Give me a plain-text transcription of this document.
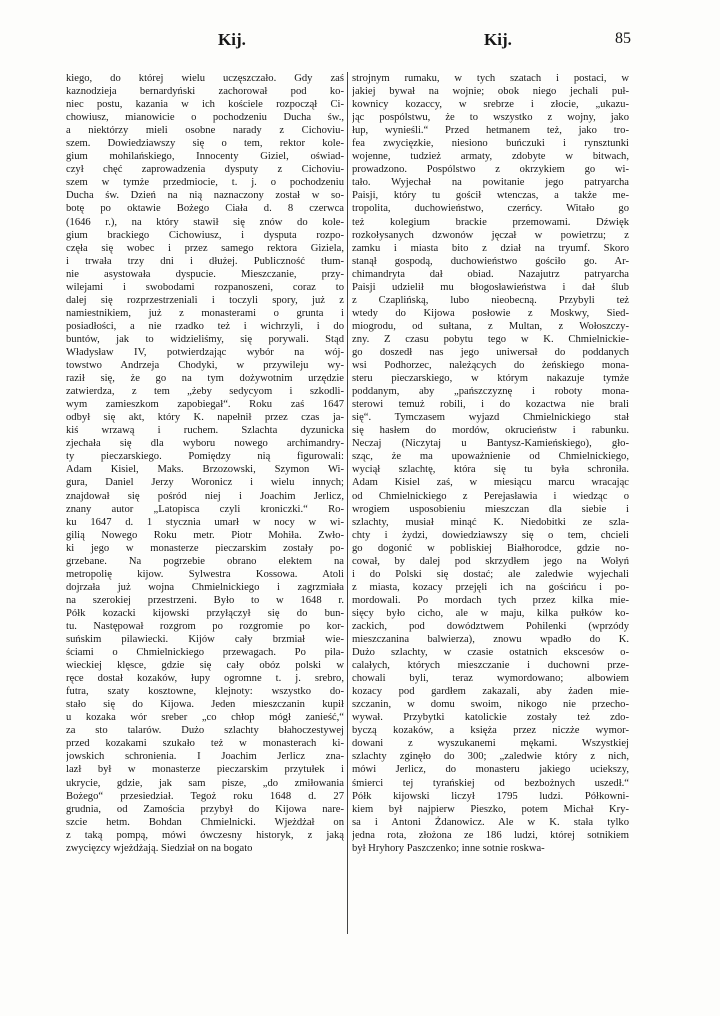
Kij.	Kij.	85
kiego, do której wielu uczęszczało. Gdy zaś
kaznodzieja bernardyński zachorował pod ko-
niec postu, kazania w ich kościele rozpoczął Ci-
chowiusz, mianowicie o pochodzeniu Ducha św.,
a niektórzy mieli osobne narady z Cichoviu-
szem. Dowiedziawszy się o tem, rektor kole-
gium mohilańskiego, Innocenty Giziel, oświad-
czył chęć zaprowadzenia dysputy z Cichoviu-
szem w tymże przedmiocie, t. j. o pochodzeniu
Ducha św. Dzień na nią naznaczony został w so-
botę po oktawie Bożego Ciała d. 8 czerwca
(1646 r.), na który stawił się znów do kole-
gium brackiego Cichowiusz, i dysputa rozpo-
częła się wobec i przez samego rektora Giziela,
i trwała trzy dni i dłużej. Publiczność tłum-
nie asystowała dyspucie. Mieszczanie, przy-
wilejami i swobodami rozpanoszeni, coraz to
dalej się rozprzestrzeniali i toczyli spory, już z
namiestnikiem, już z monasterami o grunta i
posiadłości, a nie rzadko też i wichrzyli, i do
buntów, jak to widzieliśmy, się porywali. Stąd
Władysław IV, potwierdzając wybór na wój-
towstwo Andrzeja Chodyki, w przywileju wy-
raził się, że go na tym dożywotnim urzędzie
zatwierdza, z tem „żeby sedycyom i szkodli-
wym zamieszkom zapobiegał“. Roku zaś 1647
odbył się akt, który K. napełnił przez czas ja-
kiś wrzawą i ruchem. Szlachta dyzunicka
zjechała się dla wyboru nowego archimandry-
ty pieczarskiego. Pomiędzy nią figurowali:
Adam Kisiel, Maks. Brzozowski, Szymon Wi-
gura, Daniel Jerzy Woronicz i wielu innych;
znajdował się pośród niej i Joachim Jerlicz,
znany autor „Latopisca czyli kroniczki.“ Ro-
ku 1647 d. 1 stycznia umarł w nocy w wi-
gilią Nowego Roku metr. Piotr Mohiła. Zwło-
ki jego w monasterze pieczarskim zostały po-
grzebane. Na pogrzebie obrano elektem na
metropolię kijow. Sylwestra Kossowa. Atoli
dojrzała już wojna Chmielnickiego i zagrzmiała
na szerokiej przestrzeni. Było to w 1648 r.
Półk kozacki kijowski przyłączył się do bun-
tu. Następował rozgrom po rozgromie po kor-
suńskim pilawiecki. Kijów cały brzmiał wie-
ściami o Chmielnickiego przewagach. Po pila-
wieckiej klęsce, gdzie się cały obóz polski w
ręce dostał kozaków, łupy ogromne t. j. srebro,
futra, szaty kosztowne, klejnoty: wszystko do-
stało się do Kijowa. Jeden mieszczanin kupił
u kozaka wór sreber „co chłop mógł zanieść,“
za sto talarów. Dużo szlachty błahoczestywej
przed kozakami szukało też w monasterach ki-
jowskich schronienia. I Joachim Jerlicz zna-
lazł był w monasterze pieczarskim przytułek i
ukrycie, gdzie, jak sam pisze, „do zmiłowania
Bożego“ przesiedział. Tegoż roku 1648 d. 27
grudnia, od Zamościa przybył do Kijowa nare-
szcie hetm. Bohdan Chmielnicki. Wjeżdżał on
z taką pompą, mówi ówczesny historyk, z jaką
zwycięzcy wjeżdżają. Siedział on na bogato
strojnym rumaku, w tych szatach i postaci, w
jakiej bywał na wojnie; obok niego jechali puł-
kownicy kozaccy, w srebrze i złocie, „ukazu-
jąc pospólstwu, że to wszystko z wojny, jako
łup, wynieśli.“ Przed hetmanem też, jako tro-
fea zwycięzkie, niesiono buńczuki i rynsztunki
wojenne, tudzież armaty, zdobyte w bitwach,
prowadzono. Pospólstwo z okrzykiem go wi-
tało. Wyjechał na powitanie jego patryarcha
Paisji, który tu gościł wtenczas, a także me-
tropolita, duchowieństwo, czerńcy. Witało go
też kolegium brackie przemowami. Dźwięk
rozkołysanych dzwonów jęczał w powietrzu; z
zamku i miasta bito z dział na tryumf. Skoro
stanął gospodą, duchowieństwo gościło go. Ar-
chimandryta dał obiad. Nazajutrz patryarcha
Paisji udzielił mu błogosławieństwa i dał ślub
z Czaplińską, lubo nieobecną. Przybyli też
wtedy do Kijowa posłowie z Moskwy, Sied-
miogrodu, od sułtana, z Multan, z Wołoszczy-
zny. Z czasu pobytu tego w K. Chmielnickie-
go doszedł nas jego uniwersał do poddanych
wsi Podhorzec, należących do żeńskiego mona-
steru pieczarskiego, w którym nakazuje tymże
poddanym, aby „pańszczyznę i roboty mona-
sterowi temuż robili, i do kozactwa nie brali
się“. Tymczasem wyjazd Chmielnickiego stał
się hasłem do mordów, okrucieństw i rabunku.
Neczaj (Niczytaj u Bantysz-Kamieńskiego), gło-
sząc, że ma upoważnienie od Chmielnickiego,
wyciął szlachtę, która się tu była schroniła.
Adam Kisiel zaś, w miesiącu marcu wracając
od Chmielnickiego z Perejasławia i wiedząc o
wrogiem usposobieniu mieszczan dla siebie i
szlachty, musiał minąć K. Niedobitki ze szla-
chty i żydzi, dowiedziawszy się o tem, chcieli
go dogonić w pobliskiej Białhorodce, gdzie no-
cował, by dalej pod skrzydłem jego na Wołyń
i do Polski się dostać; ale zaledwie wyjechali
z miasta, kozacy przejęli ich na gościńcu i po-
mordowali. Po mordach tych przez kilka mie-
sięcy było cicho, ale w maju, kilka pułków ko-
zackich, pod dowództwem Pohilenki (wprzódy
mieszczanina balwierza), znowu wpadło do K.
Dużo szlachty, w czasie ostatnich ekscesów o-
calałych, których mieszczanie i duchowni prze-
chowali byli, teraz wymordowano; albowiem
kozacy pod gardłem zakazali, aby żaden mie-
szczanin, w domu swoim, nikogo nie przecho-
wywał. Przybytki katolickie zostały też zdo-
byczą kozaków, a księża przez niczże wymor-
dowani z wyszukanemi mękami. Wszystkiej
szlachty zginęło do 300; „zaledwie który z nich,
mówi Jerlicz, do monasteru jakiego uciekszy,
śmierci tej tyrańskiej od bezbożnych uszedł.“
Półk kijowski liczył 1795 ludzi. Półkowni-
kiem był najpierw Pieszko, potem Michał Kry-
sa i Antoni Żdanowicz. Ale w K. stała tylko
jedna rota, złożona ze 186 ludzi, której sotnikiem
był Hryhory Paszczenko; inne sotnie roskwa-
